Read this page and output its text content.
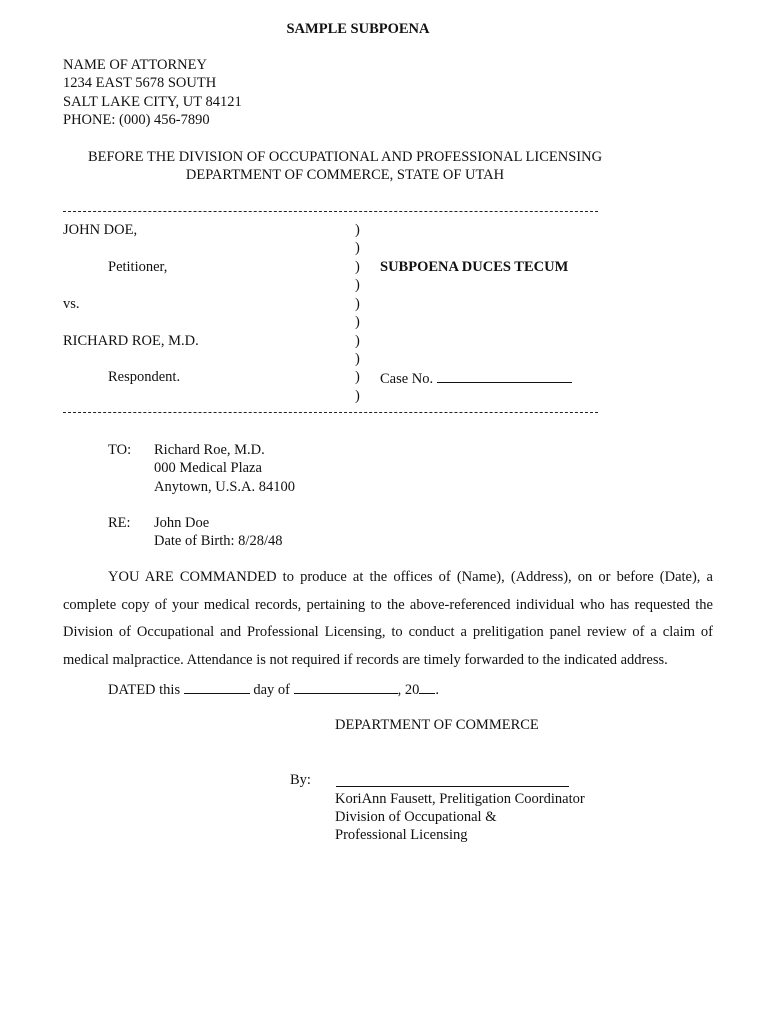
SAMPLE SUBPOENA
NAME OF ATTORNEY
1234 EAST 5678 SOUTH
SALT LAKE CITY, UT 84121
PHONE: (000) 456-7890
BEFORE THE DIVISION OF OCCUPATIONAL AND PROFESSIONAL LICENSING
DEPARTMENT OF COMMERCE, STATE OF UTAH
JOHN DOE,
Petitioner,
vs.
RICHARD ROE, M.D.
Respondent.
)
)
)
)
)
)
)
)
)
)
SUBPOENA DUCES TECUM
Case No.
TO: Richard Roe, M.D.
000 Medical Plaza
Anytown, U.S.A. 84100
RE: John Doe
Date of Birth: 8/28/48
YOU ARE COMMANDED to produce at the offices of (Name), (Address), on or before (Date), a complete copy of your medical records, pertaining to the above-referenced individual who has requested the Division of Occupational and Professional Licensing, to conduct a prelitigation panel review of a claim of medical malpractice. Attendance is not required if records are timely forwarded to the indicated address.
DATED this	day of	, 20 .
DEPARTMENT OF COMMERCE
By:
KoriAnn Fausett, Prelitigation Coordinator
Division of Occupational &
Professional Licensing
